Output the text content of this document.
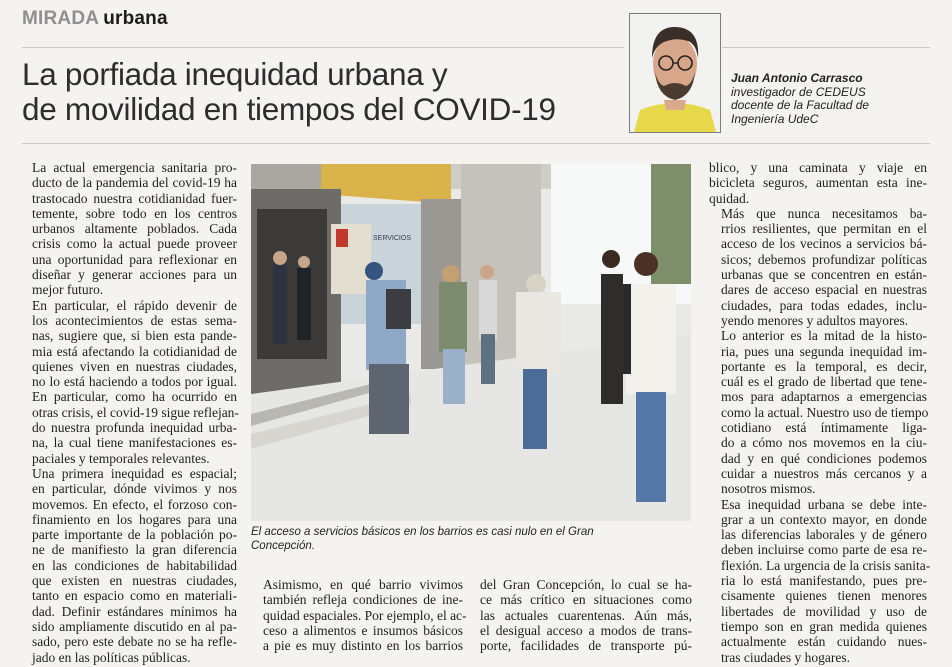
MIRADA urbana
La porfiada inequidad urbana y
de movilidad en tiempos del COVID-19
Juan Antonio Carrasco
investigador de CEDEUS
docente de la Facultad de
Ingeniería UdeC
SERVICIOS
El acceso a servicios básicos en los barrios es casi nulo en el Gran
Concepción.

La actual emergencia sanitaria pro-
ducto de la pandemia del covid-19 ha
trastocado nuestra cotidianidad fuer-
temente, sobre todo en los centros
urbanos altamente poblados. Cada
crisis como la actual puede proveer
una oportunidad para reflexionar en
diseñar y generar acciones para un
mejor futuro.

En particular, el rápido devenir de
los acontecimientos de estas sema-
nas, sugiere que, si bien esta pande-
mia está afectando la cotidianidad de
quienes viven en nuestras ciudades,
no lo está haciendo a todos por igual.
En particular, como ha ocurrido en
otras crisis, el covid-19 sigue reflejan-
do nuestra profunda inequidad urba-
na, la cual tiene manifestaciones es-
paciales y temporales relevantes.

Una primera inequidad es espacial;
en particular, dónde vivimos y nos
movemos. En efecto, el forzoso con-
finamiento en los hogares para una
parte importante de la población po-
ne de manifiesto la gran diferencia
en las condiciones de habitabilidad
que existen en nuestras ciudades,
tanto en espacio como en materiali-
dad. Definir estándares mínimos ha
sido ampliamente discutido en al pa-
sado, pero este debate no se ha refle-
jado en las políticas públicas.

Asimismo, en qué barrio vivimos
también refleja condiciones de ine-
quidad espaciales. Por ejemplo, el ac-
ceso a alimentos e insumos básicos
a pie es muy distinto en los barrios

del Gran Concepción, lo cual se ha-
ce más crítico en situaciones como
las actuales cuarentenas. Aún más,
el desigual acceso a modos de trans-
porte, facilidades de transporte pú-

blico, y una caminata y viaje en
bicicleta seguros, aumentan esta ine-
quidad.

Más que nunca necesitamos ba-
rrios resilientes, que permitan en el
acceso de los vecinos a servicios bá-
sicos; debemos profundizar políticas
urbanas que se concentren en están-
dares de acceso espacial en nuestras
ciudades, para todas edades, inclu-
yendo menores y adultos mayores.

Lo anterior es la mitad de la histo-
ria, pues una segunda inequidad im-
portante es la temporal, es decir,
cuál es el grado de libertad que tene-
mos para adaptarnos a emergencias
como la actual. Nuestro uso de tiempo
cotidiano está íntimamente liga-
do a cómo nos movemos en la ciu-
dad y en qué condiciones podemos
cuidar a nuestros más cercanos y a
nosotros mismos.

Esa inequidad urbana se debe inte-
grar a un contexto mayor, en donde
las diferencias laborales y de género
deben incluirse como parte de esa re-
flexión. La urgencia de la crisis sanita-
ria lo está manifestando, pues pre-
cisamente quienes tienen menores
libertades de movilidad y uso de
tiempo son en gran medida quienes
actualmente están cuidando nues-
tras ciudades y hogares.
